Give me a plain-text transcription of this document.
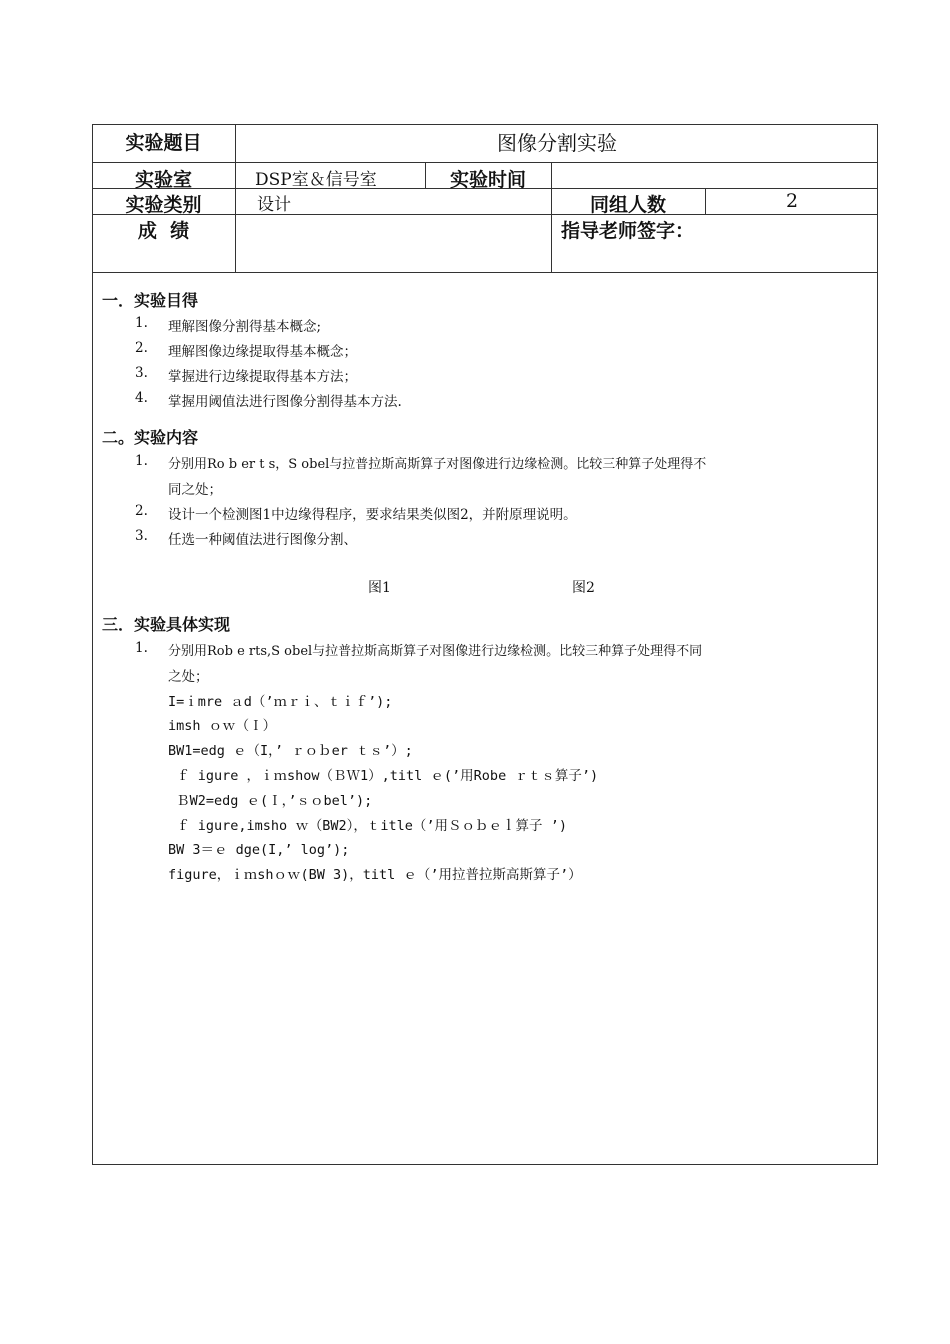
实验题目	图像分割实验
实验室	DSP室＆信号室	实验时间
实验类别	设计	同组人数	2
成  绩	指导老师签字：
一．实验目得
1. 理解图像分割得基本概念;
2. 理解图像边缘提取得基本概念；
3. 掌握进行边缘提取得基本方法；
4. 掌握用阈值法进行图像分割得基本方法.
二。实验内容
1. 分别用Ro b er t s，S obel与拉普拉斯高斯算子对图像进行边缘检测。比较三种算子处理得不
同之处；
2. 设计一个检测图1中边缘得程序，要求结果类似图2，并附原理说明。
3. 任选一种阈值法进行图像分割、
图1	图2
三．实验具体实现
1. 分别用Rob e rts,S obel与拉普拉斯高斯算子对图像进行边缘检测。比较三种算子处理得不同
之处；
I=ｉmre ａd（’ｍｒｉ、ｔｉｆ’);
imsh ｏｗ（Ｉ）
BW1=edg ｅ（I，’ ｒｏｂer ｔｓ’）;
ｆ igure ，ｉｍshow（ＢＷ1）,titl ｅ(’用Robe ｒｔｓ算子’)
ＢW2=edg ｅ(Ｉ，’ｓｏbel’);
ｆ igure,imsho ｗ（BW2），ｔitle（’用Ｓｏｂｅｌ算子 ’)
BW 3＝ｅ dge(I,’ log’);
figure，ｉｍshｏｗ(BW 3)，titl ｅ（’用拉普拉斯高斯算子’）
